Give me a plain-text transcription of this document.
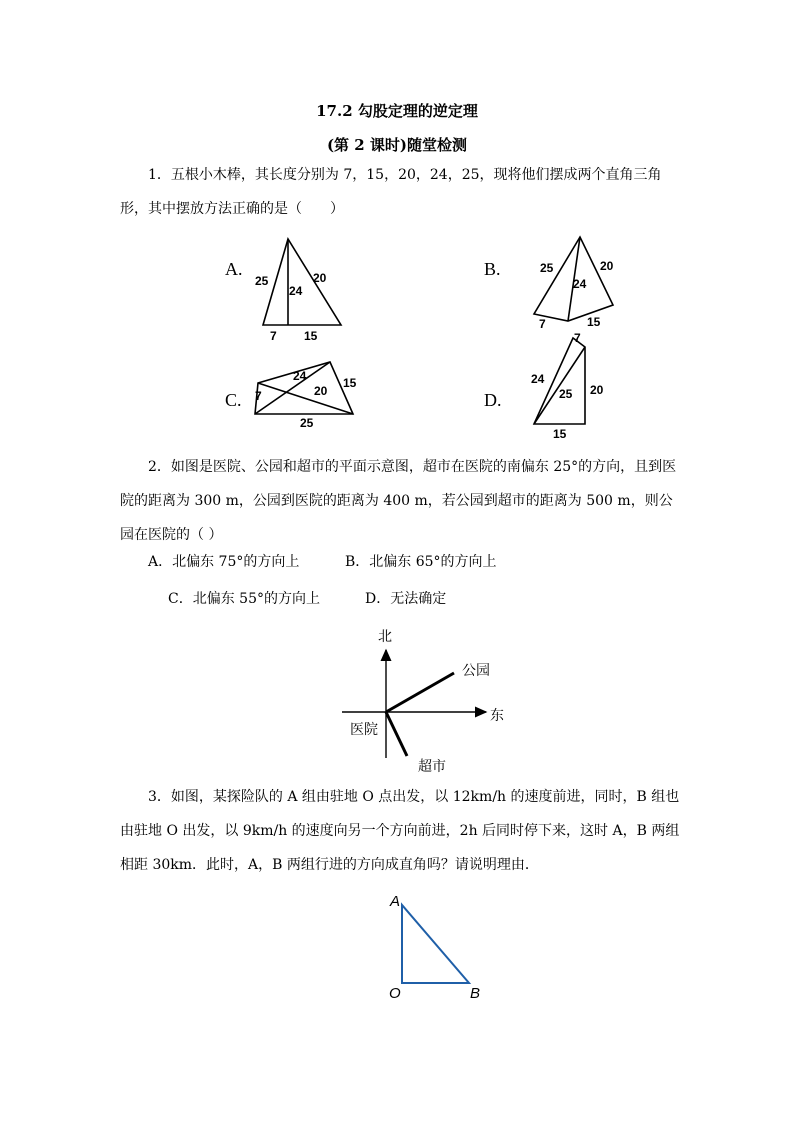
17.2 勾股定理的逆定理
(第 2 课时)随堂检测
1．五根小木棒，其长度分别为 7，15，20，24，25，现将他们摆成两个直角三角形，其中摆放方法正确的是（　　）
A.
25
24
20
7 15
B.	25	20
24
7	15
C. 7
24
20
15
25
D.
7
24
25 20
15
2．如图是医院、公园和超市的平面示意图，超市在医院的南偏东 25°的方向，且到医院的距离为 300 m，公园到医院的距离为 400 m，若公园到超市的距离为 500 m，则公园在医院的（ ）
A．北偏东 75°的方向上	B．北偏东 65°的方向上
C．北偏东 55°的方向上	D．无法确定
北
东
公园
医院
超市
3．如图，某探险队的 A 组由驻地 O 点出发，以 12km/h 的速度前进，同时，B 组也由驻地 O 出发，以 9km/h 的速度向另一个方向前进，2h 后同时停下来，这时 A，B 两组相距 30km．此时，A，B 两组行进的方向成直角吗？请说明理由．
A
O	B
